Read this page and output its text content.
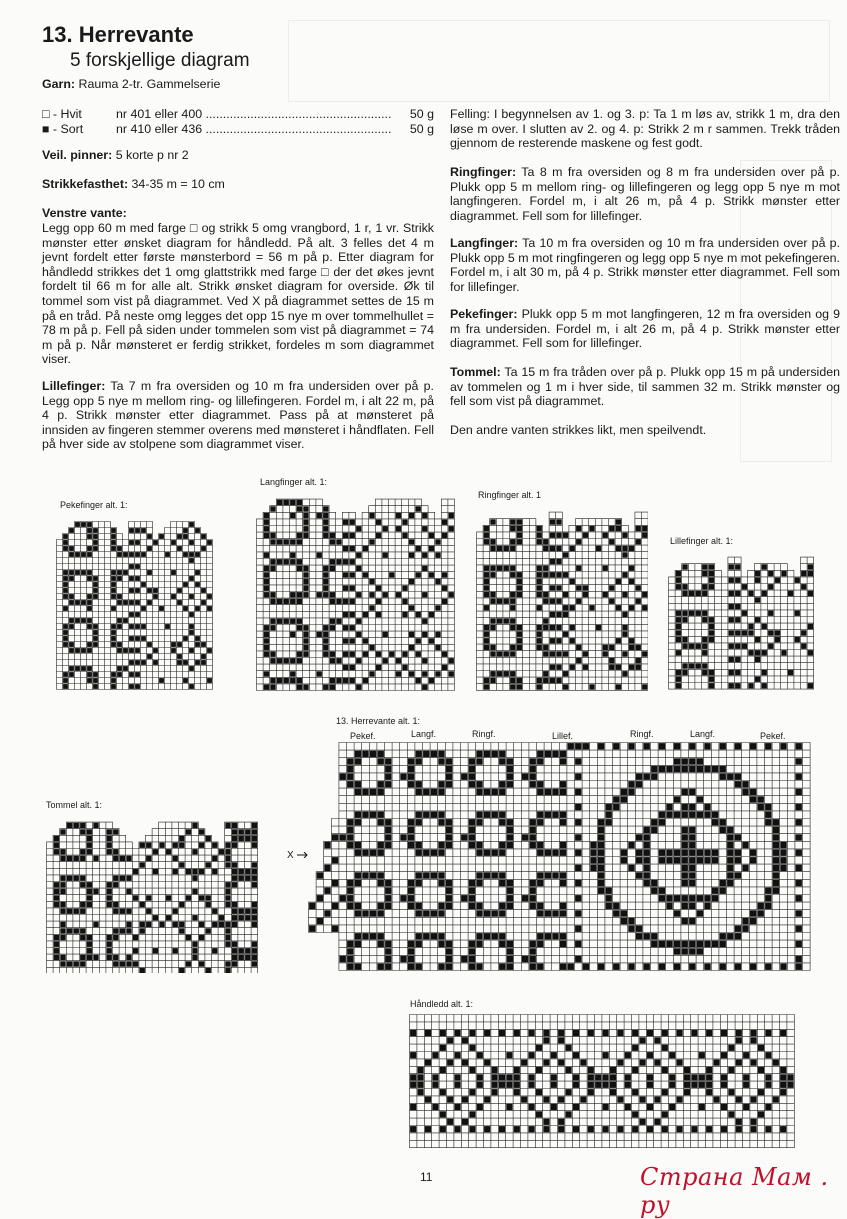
13. Herrevante
5 forskjellige diagram
Garn: Rauma 2-tr. Gammelserie
□ - Hvit	nr 401 eller 400 ......................................................	50 g
■ - Sort	nr 410 eller 436 ......................................................	50 g
Veil. pinner: 5 korte p nr 2
Strikkefasthet: 34-35 m = 10 cm
Venstre vante:
Legg opp 60 m med farge □ og strikk 5 omg vrangbord, 1 r, 1 vr. Strikk mønster etter ønsket diagram for håndledd. På alt. 3 felles det 4 m jevnt fordelt etter første mønsterbord = 56 m på p. Etter diagram for håndledd strikkes det 1 omg glattstrikk med farge □ der det økes jevnt fordelt til 66 m for alle alt. Strikk ønsket diagram for overside. Øk til tommel som vist på diagrammet. Ved X på diagrammet settes de 15 m på en tråd. På neste omg legges det opp 15 nye m over tommelhullet = 78 m på p. Fell på siden under tommelen som vist på diagrammet = 74 m på p. Når mønsteret er ferdig strikket, fordeles m som diagrammet viser.
Lillefinger: Ta 7 m fra oversiden og 10 m fra undersiden over på p. Legg opp 5 nye m mellom ring- og lillefingeren. Fordel m, i alt 22 m, på 4 p. Strikk mønster etter diagrammet. Pass på at mønsteret på innsiden av fingeren stemmer overens med mønsteret i håndflaten. Fell på hver side av stolpene som diagrammet viser.
Felling: I begynnelsen av 1. og 3. p: Ta 1 m løs av, strikk 1 m, dra den løse m over. I slutten av 2. og 4. p: Strikk 2 m r sammen. Trekk tråden gjennom de resterende maskene og fest godt.
Ringfinger: Ta 8 m fra oversiden og 8 m fra undersiden over på p. Plukk opp 5 m mellom ring- og lillefingeren og legg opp 5 nye m mot langfingeren. Fordel m, i alt 26 m, på 4 p. Strikk mønster etter diagrammet. Fell som for lillefinger.
Langfinger: Ta 10 m fra oversiden og 10 m fra undersiden over på p. Plukk opp 5 m mot ringfingeren og legg opp 5 nye m mot pekefingeren. Fordel m, i alt 30 m, på 4 p. Strikk mønster etter diagrammet. Fell som for lillefinger.
Pekefinger: Plukk opp 5 m mot langfingeren, 12 m fra oversiden og 9 m fra undersiden. Fordel m, i alt 26 m, på 4 p. Strikk mønster etter diagrammet. Fell som for lillefinger.
Tommel: Ta 15 m fra tråden over på p. Plukk opp 15 m på undersiden av tommelen og 1 m i hver side, til sammen 32 m. Strikk mønster og fell som vist på diagrammet.
Den andre vanten strikkes likt, men speilvendt.
Pekefinger alt. 1:
Langfinger alt. 1:
Ringfinger alt. 1
Lillefinger alt. 1:
Tommel alt. 1:
13. Herrevante alt. 1:
Håndledd alt. 1:
X
Pekef.	Langf.	Ringf.	Lillef.	Ringf.	Langf.	Pekef.
11	Страна Мам . ру
